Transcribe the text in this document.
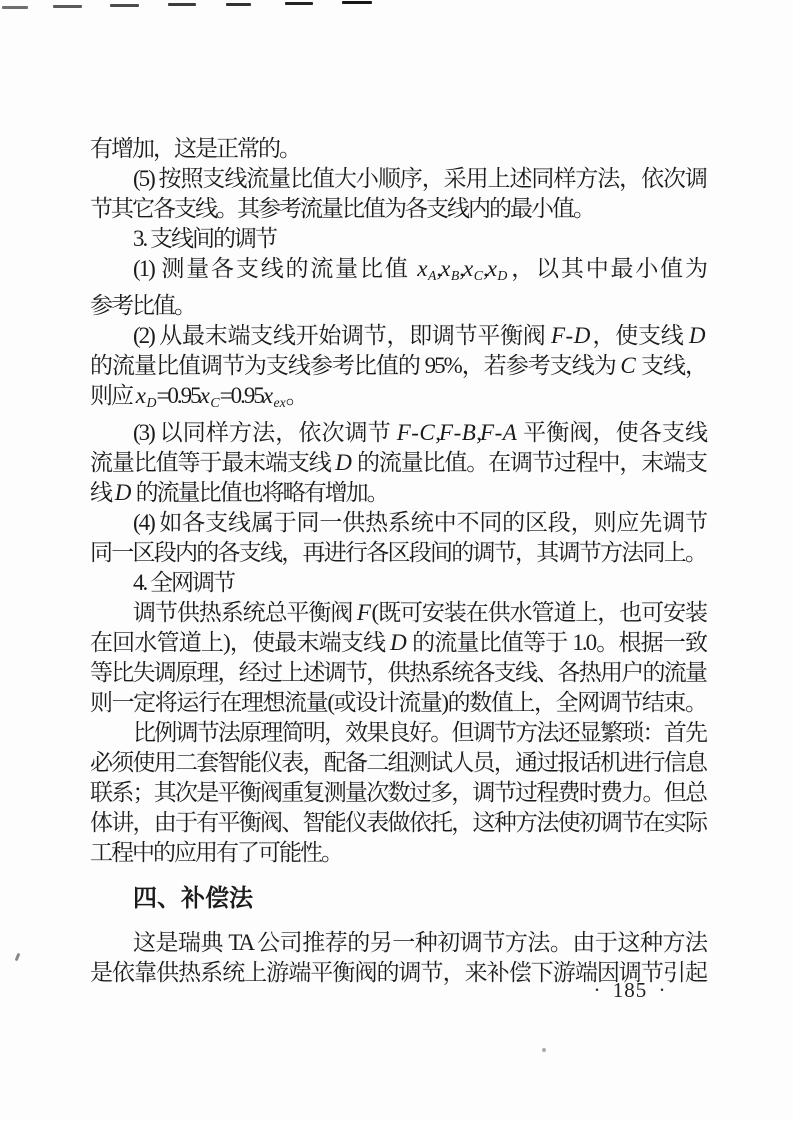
有增加，这是正常的。
(5) 按照支线流量比值大小顺序，采用上述同样方法，依次调
节其它各支线。其参考流量比值为各支线内的最小值。
3. 支线间的调节
(1) 测量各支线的流量比值 $x_A,x_B,x_C,x_D$，以其中最小值为
参考比值。
(2) 从最末端支线开始调节，即调节平衡阀 F-D，使支线 D
的流量比值调节为支线参考比值的 95%，若参考支线为 C 支线，
则应 $x_D=0.95x_C=0.95x_{ex}$。
(3) 以同样方法，依次调节 F-C,F-B,F-A 平衡阀，使各支线
流量比值等于最末端支线 D 的流量比值。在调节过程中，末端支
线 D 的流量比值也将略有增加。
(4) 如各支线属于同一供热系统中不同的区段，则应先调节
同一区段内的各支线，再进行各区段间的调节，其调节方法同上。
4. 全网调节
调节供热系统总平衡阀 F(既可安装在供水管道上，也可安装
在回水管道上)，使最末端支线 D 的流量比值等于 1.0。根据一致
等比失调原理，经过上述调节，供热系统各支线、各热用户的流量
则一定将运行在理想流量(或设计流量)的数值上，全网调节结束。
比例调节法原理简明，效果良好。但调节方法还显繁琐：首先
必须使用二套智能仪表，配备二组测试人员，通过报话机进行信息
联系；其次是平衡阀重复测量次数过多，调节过程费时费力。但总
体讲，由于有平衡阀、智能仪表做依托，这种方法使初调节在实际
工程中的应用有了可能性。
四、补偿法
这是瑞典 TA 公司推荐的另一种初调节方法。由于这种方法
是依靠供热系统上游端平衡阀的调节，来补偿下游端因调节引起
· 185 ·
